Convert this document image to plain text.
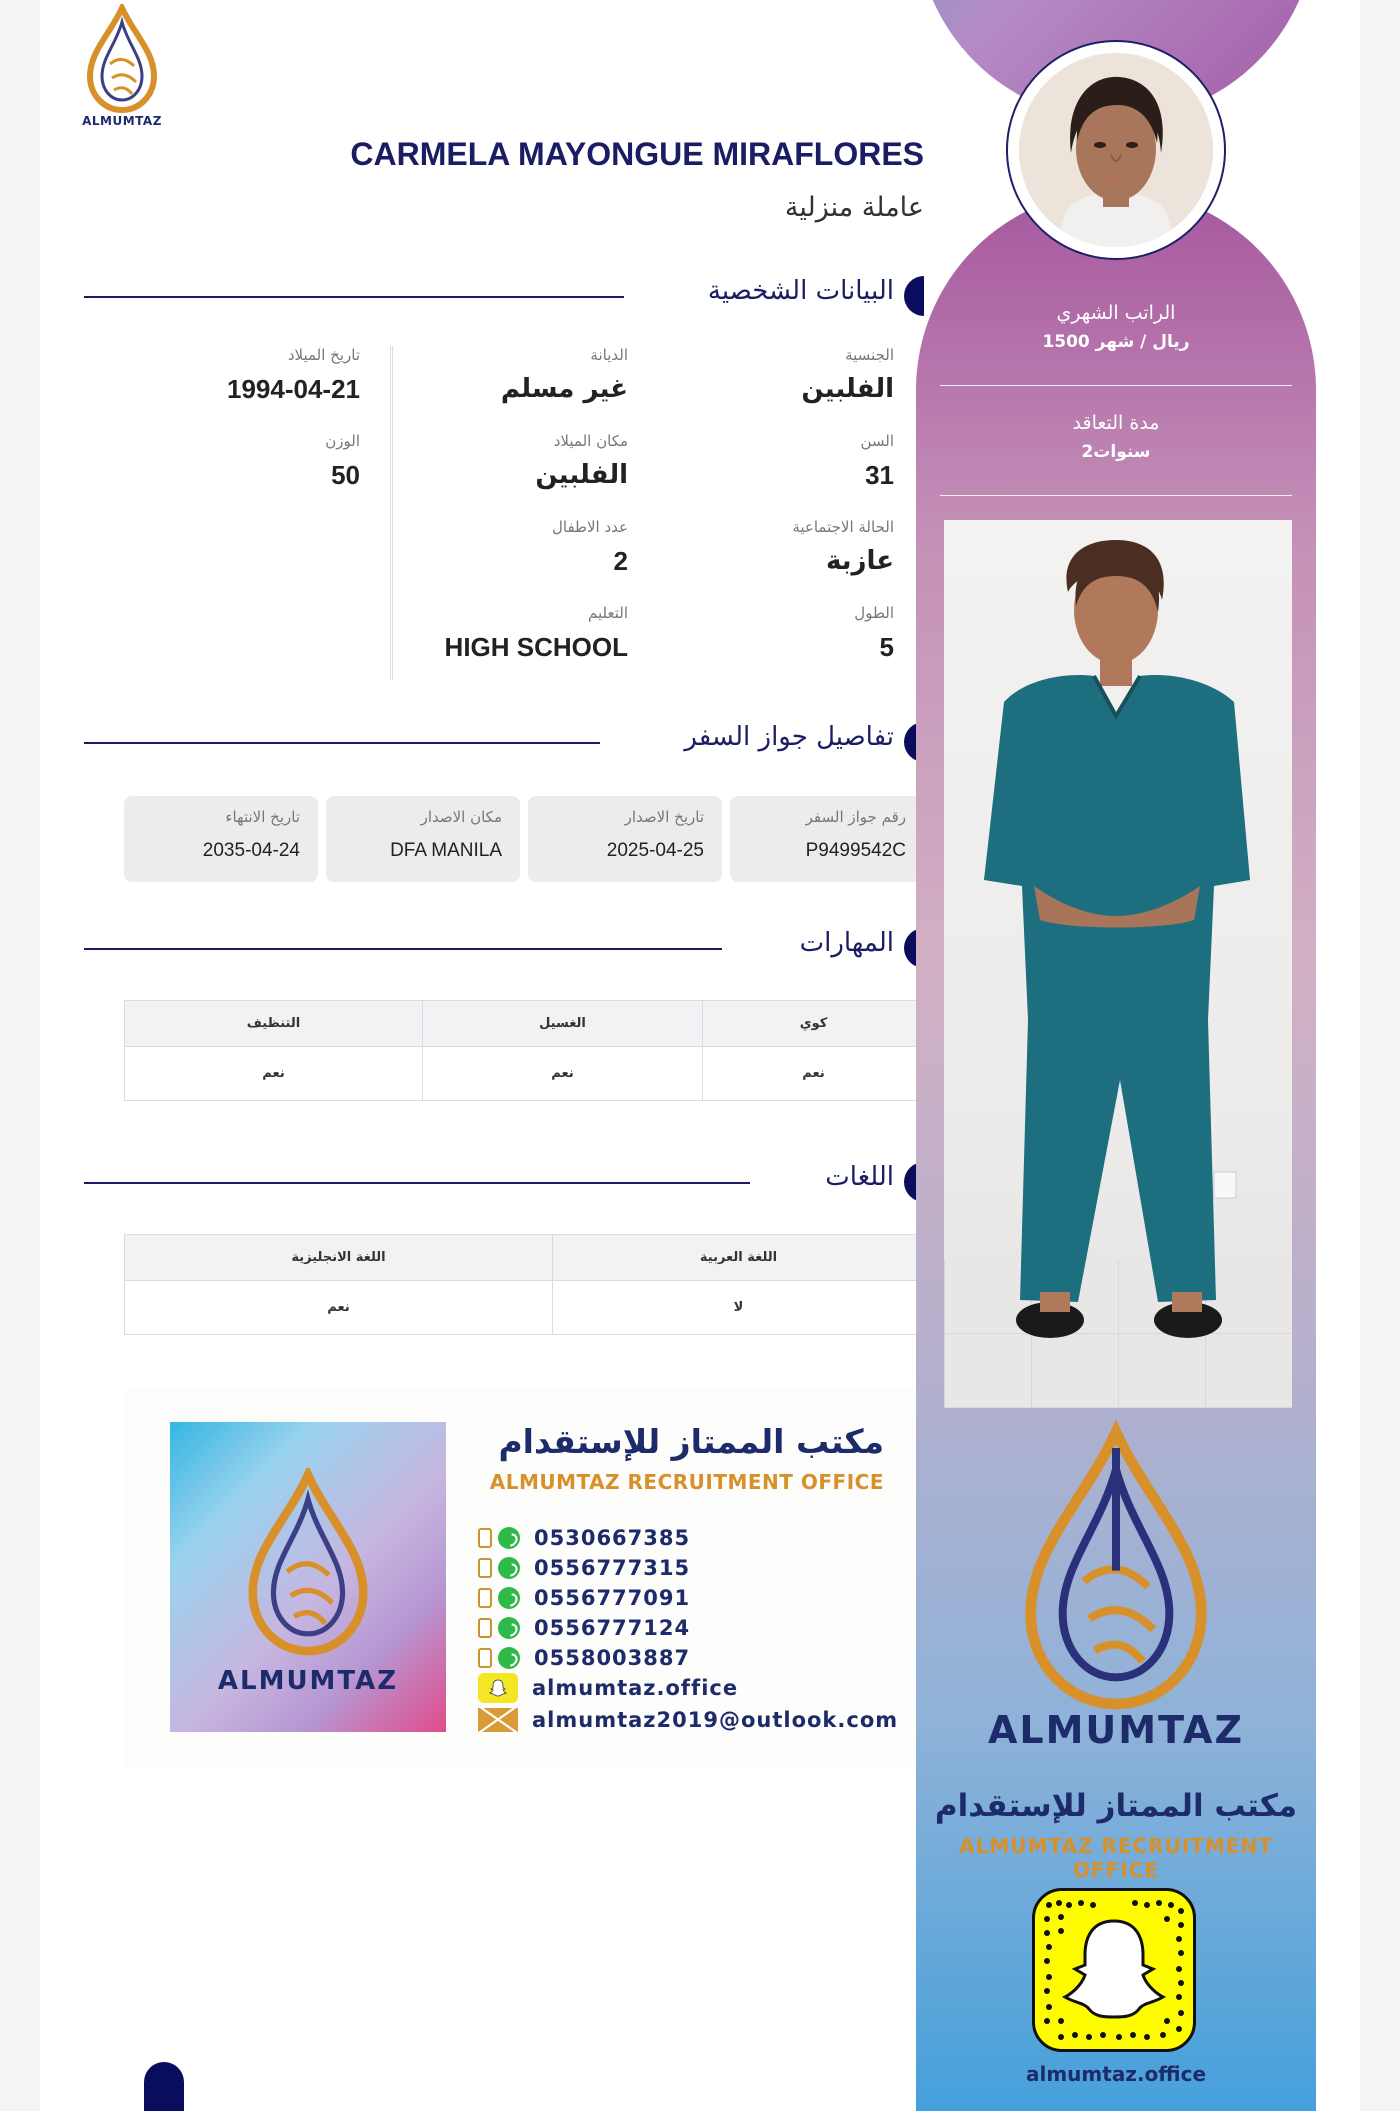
ALMUMTAZ
CARMELA MAYONGUE MIRAFLORES
عاملة منزلية
البيانات الشخصية
الجنسية
الفلبين
السن
31
الحالة الاجتماعية
عازبة
الطول
5
الديانة
غير مسلم
مكان الميلاد
الفلبين
عدد الاطفال
2
التعليم
HIGH SCHOOL
تاريخ الميلاد
1994-04-21
الوزن
50
تفاصيل جواز السفر
رقم جواز السفر
P9499542C
تاريخ الاصدار
2025-04-25
مكان الاصدار
DFA MANILA
تاريخ الانتهاء
2035-04-24
المهارات
التنظيف	الغسيل	كوي
نعم	نعم	نعم
اللغات
اللغة الانجليزية	اللغة العربية
نعم	لا
ALMUMTAZ
مكتب الممتاز للإستقدام
ALMUMTAZ RECRUITMENT OFFICE
0530667385
0556777315
0556777091
0556777124
0558003887
almumtaz.office
almumtaz2019@outlook.com
الراتب الشهري
1500 ريال / شهر
مدة التعاقد
2سنوات
ALMUMTAZ
مكتب الممتاز للإستقدام
ALMUMTAZ RECRUITMENT OFFICE
almumtaz.office
